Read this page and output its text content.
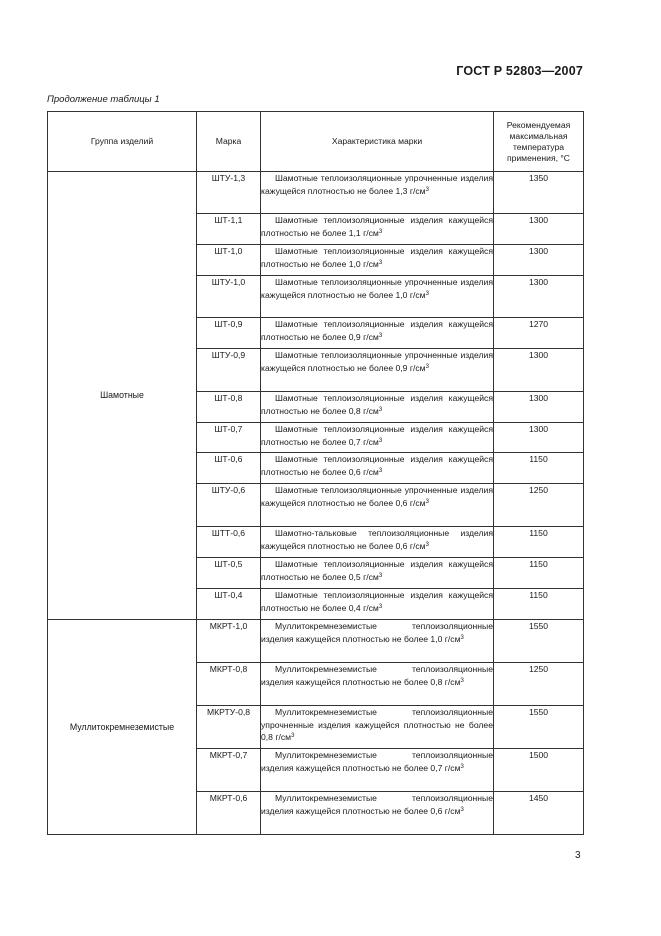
ГОСТ Р 52803—2007
Продолжение таблицы 1
Группа изделий	Марка	Характеристика марки	Рекомендуемая максимальная температура применения, °C
Шамотные	ШТУ-1,3	Шамотные теплоизоляционные упрочненные изделия кажущейся плотностью не более 1,3 $г/см^3$	1350
	ШТ-1,1	Шамотные теплоизоляционные изделия кажущейся плотностью не более 1,1 $г/см^3$	1300
	ШТ-1,0	Шамотные теплоизоляционные изделия кажущейся плотностью не более 1,0 $г/см^3$	1300
	ШТУ-1,0	Шамотные теплоизоляционные упрочненные изделия кажущейся плотностью не более 1,0 $г/см^3$	1300
	ШТ-0,9	Шамотные теплоизоляционные изделия кажущейся плотностью не более 0,9 $г/см^3$	1270
	ШТУ-0,9	Шамотные теплоизоляционные упрочненные изделия кажущейся плотностью не более 0,9 $г/см^3$	1300
	ШТ-0,8	Шамотные теплоизоляционные изделия кажущейся плотностью не более 0,8 $г/см^3$	1300
	ШТ-0,7	Шамотные теплоизоляционные изделия кажущейся плотностью не более 0,7 $г/см^3$	1300
	ШТ-0,6	Шамотные теплоизоляционные изделия кажущейся плотностью не более 0,6 $г/см^3$	1150
	ШТУ-0,6	Шамотные теплоизоляционные упрочненные изделия кажущейся плотностью не более 0,6 $г/см^3$	1250
	ШТТ-0,6	Шамотно-тальковые теплоизоляционные изделия кажущейся плотностью не более 0,6 $г/см^3$	1150
	ШТ-0,5	Шамотные теплоизоляционные изделия кажущейся плотностью не более 0,5 $г/см^3$	1150
	ШТ-0,4	Шамотные теплоизоляционные изделия кажущейся плотностью не более 0,4 $г/см^3$	1150
Муллитокремнеземистые	МКРТ-1,0	Муллитокремнеземистые теплоизоляционные изделия кажущейся плотностью не более 1,0 $г/см^3$	1550
	МКРТ-0,8	Муллитокремнеземистые теплоизоляционные изделия кажущейся плотностью не более 0,8 $г/см^3$	1250
	МКРТУ-0,8	Муллитокремнеземистые теплоизоляционные упрочненные изделия кажущейся плотностью не более 0,8 $г/см^3$	1550
	МКРТ-0,7	Муллитокремнеземистые теплоизоляционные изделия кажущейся плотностью не более 0,7 $г/см^3$	1500
	МКРТ-0,6	Муллитокремнеземистые теплоизоляционные изделия кажущейся плотностью не более 0,6 $г/см^3$	1450
3
